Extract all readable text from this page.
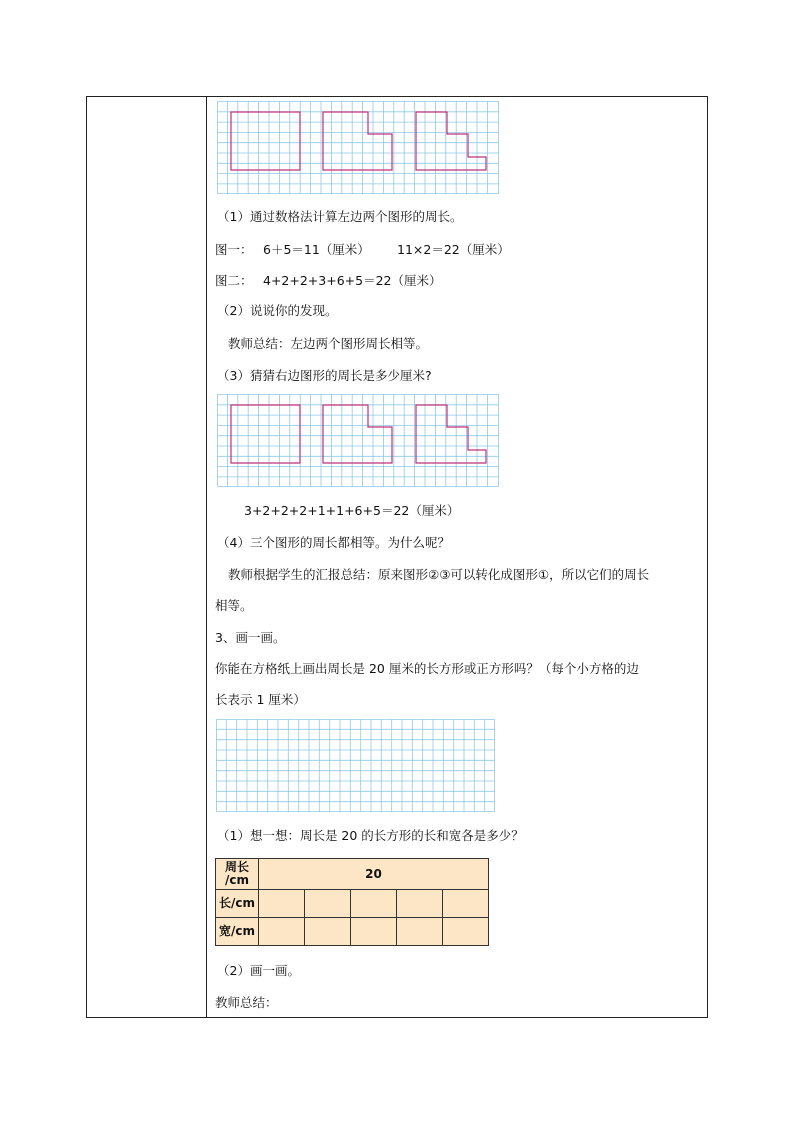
（1）通过数格法计算左边两个图形的周长。
图一： 6＋5＝11（厘米） 11×2＝22（厘米）
图二： 4+2+2+3+6+5＝22（厘米）
（2）说说你的发现。
教师总结：左边两个图形周长相等。
（3）猜猜右边图形的周长是多少厘米?
3+2+2+2+1+1+6+5＝22（厘米）
（4）三个图形的周长都相等。为什么呢？
教师根据学生的汇报总结：原来图形②③可以转化成图形①，所以它们的周长
相等。
3、画一画。
你能在方格纸上画出周长是 20 厘米的长方形或正方形吗？（每个小方格的边
长表示 1 厘米）
（1）想一想：周长是 20 的长方形的长和宽各是多少？
周长
/cm	20				
长/cm					
宽/cm					
（2）画一画。
教师总结：
